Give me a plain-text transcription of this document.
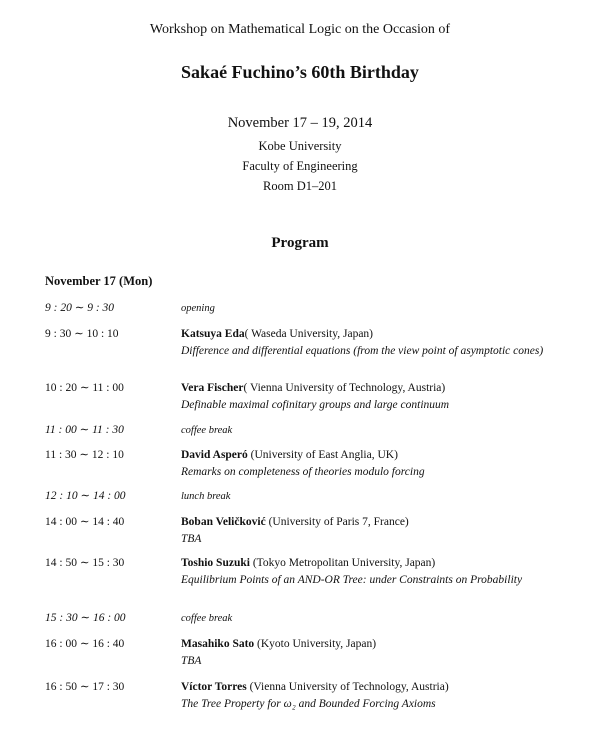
Workshop on Mathematical Logic on the Occasion of
Sakaé Fuchino’s 60th Birthday
November 17 – 19, 2014
Kobe University
Faculty of Engineering
Room D1–201
Program
November 17 (Mon)
9 : 20 ∼ 9 : 30	opening
9 : 30 ∼ 10 : 10	Katsuya Eda( Waseda University, Japan)
Difference and differential equations (from the view point of asymptotic cones)
10 : 20 ∼ 11 : 00	Vera Fischer( Vienna University of Technology, Austria)
Definable maximal cofinitary groups and large continuum
11 : 00 ∼ 11 : 30	coffee break
11 : 30 ∼ 12 : 10	David Asperó (University of East Anglia, UK)
Remarks on completeness of theories modulo forcing
12 : 10 ∼ 14 : 00	lunch break
14 : 00 ∼ 14 : 40	Boban Veličković (University of Paris 7, France)
TBA
14 : 50 ∼ 15 : 30	Toshio Suzuki (Tokyo Metropolitan University, Japan)
Equilibrium Points of an AND-OR Tree: under Constraints on Probability
15 : 30 ∼ 16 : 00	coffee break
16 : 00 ∼ 16 : 40	Masahiko Sato (Kyoto University, Japan)
TBA
16 : 50 ∼ 17 : 30	Víctor Torres (Vienna University of Technology, Austria)
The Tree Property for ω₂ and Bounded Forcing Axioms
